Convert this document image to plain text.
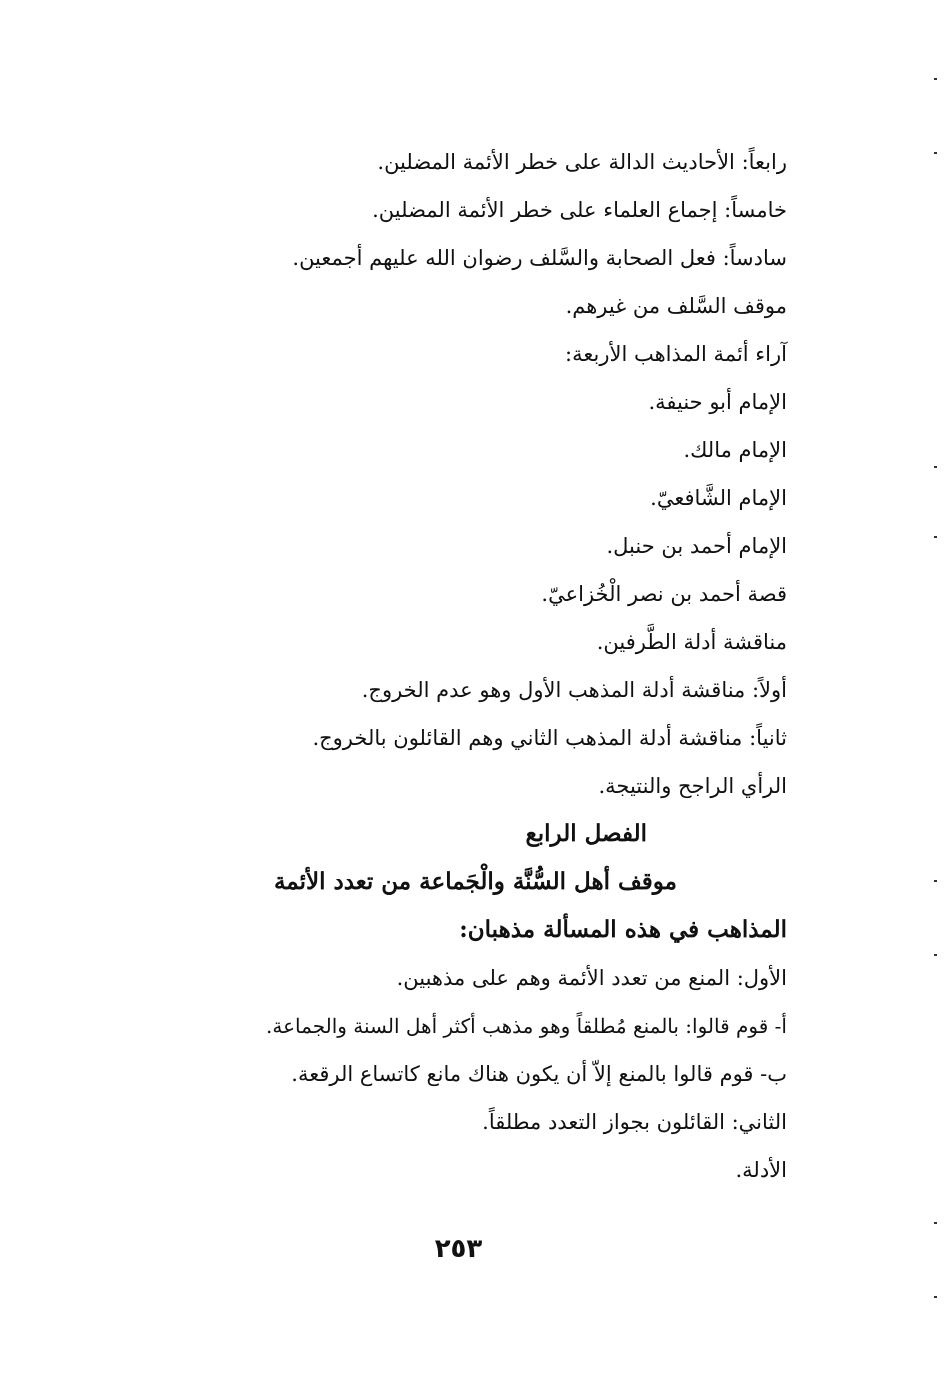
رابعاً: الأحاديث الدالة على خطر الأئمة المضلين.
خامساً: إجماع العلماء على خطر الأئمة المضلين.
سادساً: فعل الصحابة والسَّلف رضوان الله عليهم أجمعين.
موقف السَّلف من غيرهم.
آراء أئمة المذاهب الأربعة:
الإمام أبو حنيفة.
الإمام مالك.
الإمام الشَّافعيّ.
الإمام أحمد بن حنبل.
قصة أحمد بن نصر الْخُزاعيّ.
مناقشة أدلة الطَّرفين.
أولاً: مناقشة أدلة المذهب الأول وهو عدم الخروج.
ثانياً: مناقشة أدلة المذهب الثاني وهم القائلون بالخروج.
الرأي الراجح والنتيجة.
الفصل الرابع
موقف أهل السُّنَّة والْجَماعة من تعدد الأئمة
المذاهب في هذه المسألة مذهبان:
الأول: المنع من تعدد الأئمة وهم على مذهبين.
أ- قوم قالوا: بالمنع مُطلقاً وهو مذهب أكثر أهل السنة والجماعة.
ب- قوم قالوا بالمنع إلاّ أن يكون هناك مانع كاتساع الرقعة.
الثاني: القائلون بجواز التعدد مطلقاً.
الأدلة.
٢٥٣
